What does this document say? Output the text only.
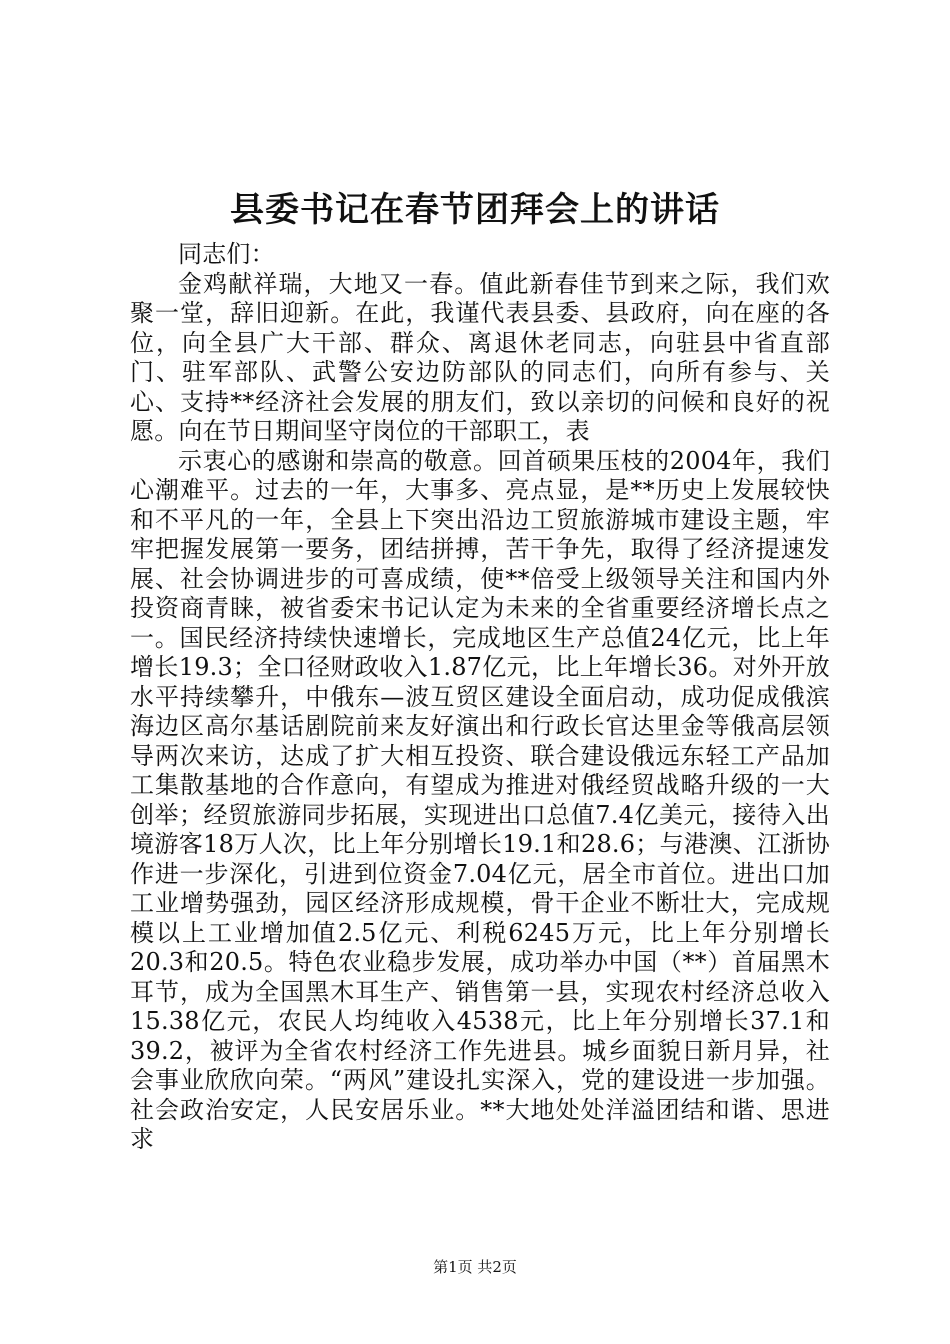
县委书记在春节团拜会上的讲话

同志们：

金鸡献祥瑞，大地又一春。值此新春佳节到来之际，我们欢聚一堂，辞旧迎新。在此，我谨代表县委、县政府，向在座的各位，向全县广大干部、群众、离退休老同志，向驻县中省直部门、驻军部队、武警公安边防部队的同志们，向所有参与、关心、支持**经济社会发展的朋友们，致以亲切的问候和良好的祝愿。向在节日期间坚守岗位的干部职工，表

示衷心的感谢和崇高的敬意。回首硕果压枝的2004年，我们心潮难平。过去的一年，大事多、亮点显，是**历史上发展较快和不平凡的一年，全县上下突出沿边工贸旅游城市建设主题，牢牢把握发展第一要务，团结拼搏，苦干争先，取得了经济提速发展、社会协调进步的可喜成绩，使**倍受上级领导关注和国内外投资商青睐，被省委宋书记认定为未来的全省重要经济增长点之一。国民经济持续快速增长，完成地区生产总值24亿元，比上年增长19.3；全口径财政收入1.87亿元，比上年增长36。对外开放水平持续攀升，中俄东—波互贸区建设全面启动，成功促成俄滨海边区高尔基话剧院前来友好演出和行政长官达里金等俄高层领导两次来访，达成了扩大相互投资、联合建设俄远东轻工产品加工集散基地的合作意向，有望成为推进对俄经贸战略升级的一大创举；经贸旅游同步拓展，实现进出口总值7.4亿美元，接待入出境游客18万人次，比上年分别增长19.1和28.6；与港澳、江浙协作进一步深化，引进到位资金7.04亿元，居全市首位。进出口加工业增势强劲，园区经济形成规模，骨干企业不断壮大，完成规模以上工业增加值2.5亿元、利税6245万元，比上年分别增长20.3和20.5。特色农业稳步发展，成功举办中国（**）首届黑木耳节，成为全国黑木耳生产、销售第一县，实现农村经济总收入15.38亿元，农民人均纯收入4538元，比上年分别增长37.1和39.2，被评为全省农村经济工作先进县。城乡面貌日新月异，社会事业欣欣向荣。“两风”建设扎实深入，党的建设进一步加强。社会政治安定，人民安居乐业。**大地处处洋溢团结和谐、思进求

第1页 共2页
